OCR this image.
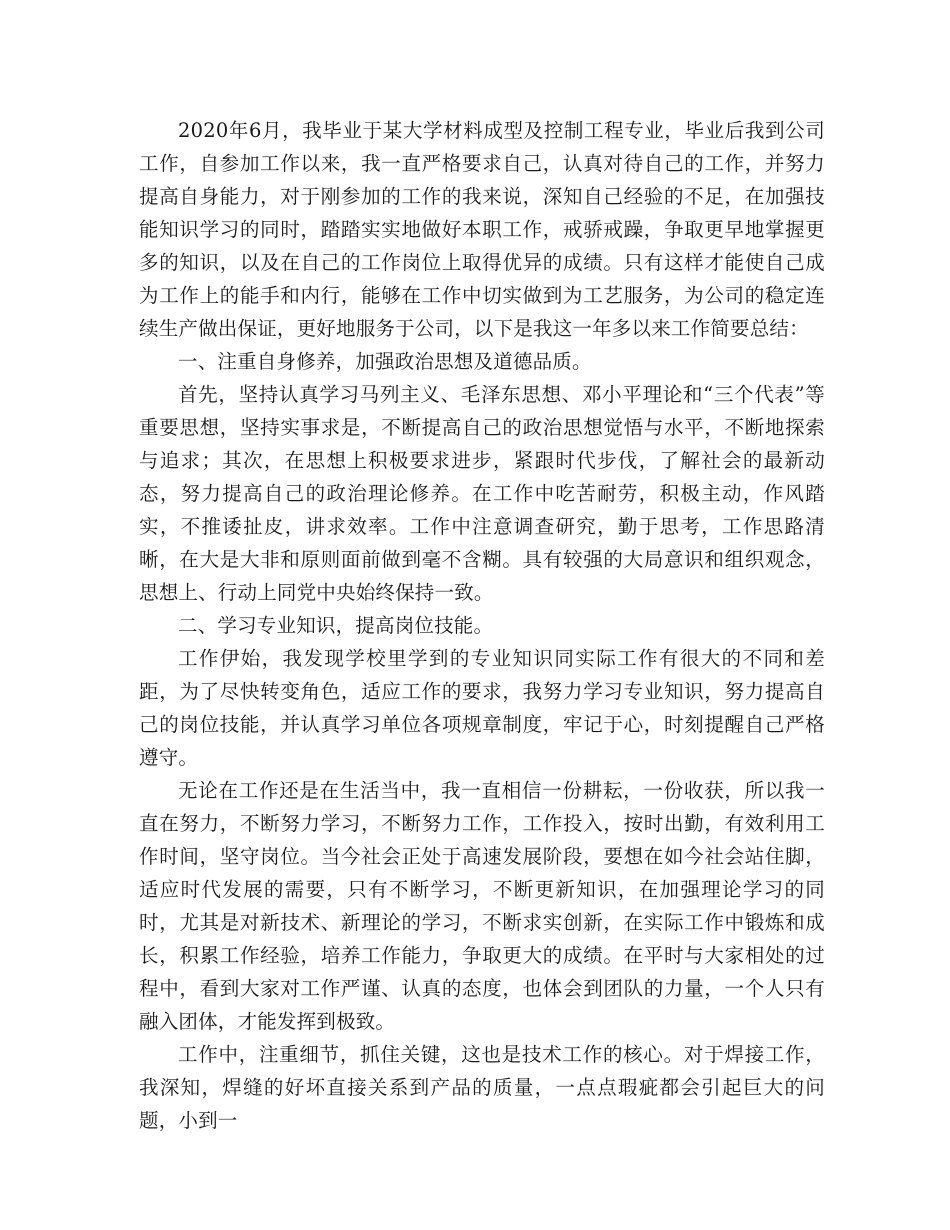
2020年6月，我毕业于某大学材料成型及控制工程专业，毕业后我到公司工作，自参加工作以来，我一直严格要求自己，认真对待自己的工作，并努力提高自身能力，对于刚参加的工作的我来说，深知自己经验的不足，在加强技能知识学习的同时，踏踏实实地做好本职工作，戒骄戒躁，争取更早地掌握更多的知识，以及在自己的工作岗位上取得优异的成绩。只有这样才能使自己成为工作上的能手和内行，能够在工作中切实做到为工艺服务，为公司的稳定连续生产做出保证，更好地服务于公司，以下是我这一年多以来工作简要总结：

一、注重自身修养，加强政治思想及道德品质。

首先，坚持认真学习马列主义、毛泽东思想、邓小平理论和“三个代表”等重要思想，坚持实事求是，不断提高自己的政治思想觉悟与水平，不断地探索与追求；其次，在思想上积极要求进步，紧跟时代步伐，了解社会的最新动态，努力提高自己的政治理论修养。在工作中吃苦耐劳，积极主动，作风踏实，不推诿扯皮，讲求效率。工作中注意调查研究，勤于思考，工作思路清晰，在大是大非和原则面前做到毫不含糊。具有较强的大局意识和组织观念，思想上、行动上同党中央始终保持一致。

二、学习专业知识，提高岗位技能。

工作伊始，我发现学校里学到的专业知识同实际工作有很大的不同和差距，为了尽快转变角色，适应工作的要求，我努力学习专业知识，努力提高自己的岗位技能，并认真学习单位各项规章制度，牢记于心，时刻提醒自己严格遵守。

无论在工作还是在生活当中，我一直相信一份耕耘，一份收获，所以我一直在努力，不断努力学习，不断努力工作，工作投入，按时出勤，有效利用工作时间，坚守岗位。当今社会正处于高速发展阶段，要想在如今社会站住脚，适应时代发展的需要，只有不断学习，不断更新知识，在加强理论学习的同时，尤其是对新技术、新理论的学习，不断求实创新，在实际工作中锻炼和成长，积累工作经验，培养工作能力，争取更大的成绩。在平时与大家相处的过程中，看到大家对工作严谨、认真的态度，也体会到团队的力量，一个人只有融入团体，才能发挥到极致。

工作中，注重细节，抓住关键，这也是技术工作的核心。对于焊接工作，我深知，焊缝的好坏直接关系到产品的质量，一点点瑕疵都会引起巨大的问题，小到一
